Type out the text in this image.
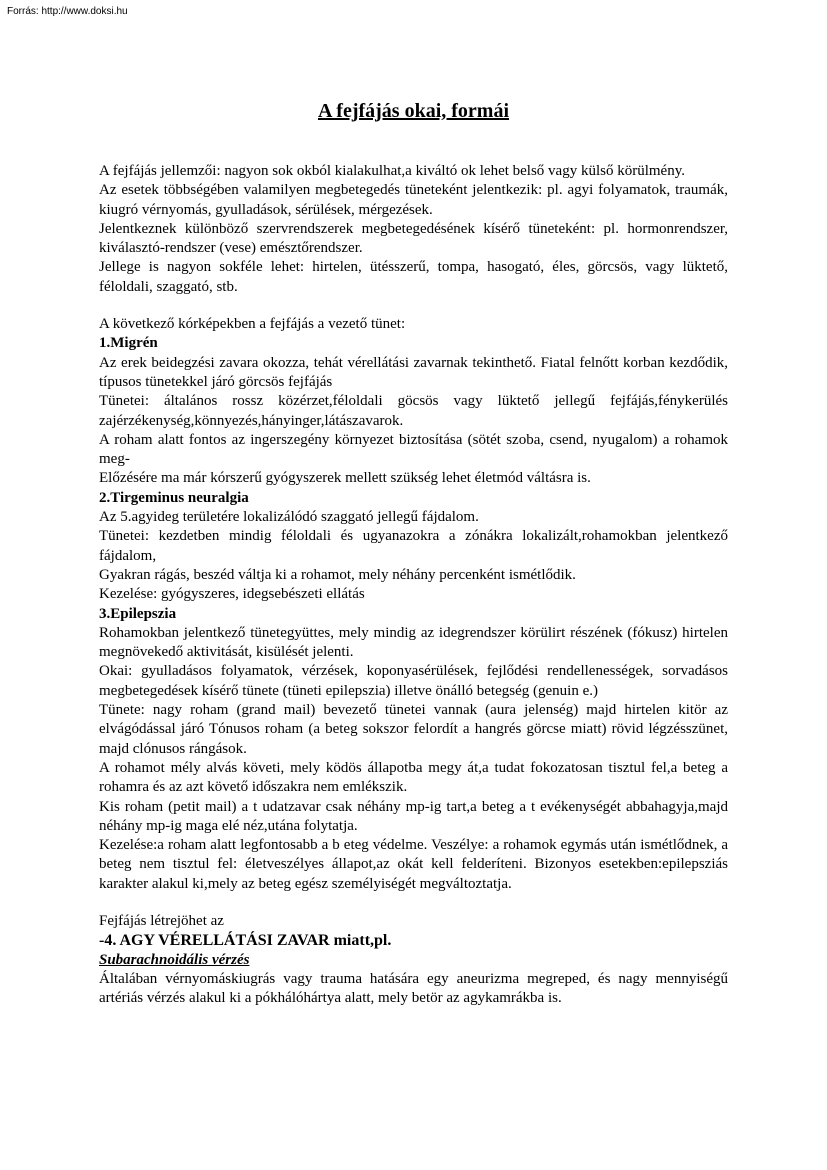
Forrás: http://www.doksi.hu
A fejfájás okai, formái

A fejfájás jellemzői: nagyon sok okból kialakulhat,a kiváltó ok lehet belső vagy külső körülmény.

Az esetek többségében valamilyen megbetegedés tüneteként jelentkezik: pl. agyi folyamatok, traumák, kiugró vérnyomás, gyulladások, sérülések, mérgezések.

Jelentkeznek különböző szervrendszerek megbetegedésének kísérő tüneteként: pl. hormonrendszer, kiválasztó-rendszer (vese) emésztőrendszer.

Jellege is nagyon sokféle lehet: hirtelen, ütésszerű, tompa, hasogató, éles, görcsös, vagy lüktető, féloldali, szaggató, stb.

A következő kórképekben a fejfájás a vezető tünet:

1.Migrén

Az erek beidegzési zavara okozza, tehát vérellátási zavarnak tekinthető. Fiatal felnőtt korban kezdődik, típusos tünetekkel járó görcsös fejfájás

Tünetei: általános rossz közérzet,féloldali göcsös vagy lüktető jellegű fejfájás,fénykerülés zajérzékenység,könnyezés,hányinger,látászavarok.

A roham alatt fontos az ingerszegény környezet biztosítása (sötét szoba, csend, nyugalom) a rohamok meg-

Előzésére ma már kórszerű gyógyszerek mellett szükség lehet életmód váltásra is.

2.Tirgeminus neuralgia

Az 5.agyideg területére lokalizálódó szaggató jellegű fájdalom.

Tünetei: kezdetben mindig féloldali és ugyanazokra a zónákra lokalizált,rohamokban jelentkező fájdalom,

Gyakran rágás, beszéd váltja ki a rohamot, mely néhány percenként ismétlődik.

Kezelése: gyógyszeres, idegsebészeti ellátás

3.Epilepszia

Rohamokban jelentkező tünetegyüttes, mely mindig az idegrendszer körülirt részének (fókusz) hirtelen megnövekedő aktivitását, kisülését jelenti.

Okai: gyulladásos folyamatok, vérzések, koponyasérülések, fejlődési rendellenességek, sorvadásos megbetegedések kísérő tünete (tüneti epilepszia) illetve önálló betegség (genuin e.)

Tünete: nagy roham (grand mail) bevezető tünetei vannak (aura jelenség) majd hirtelen kitör az elvágódással járó Tónusos roham (a beteg sokszor felordít a hangrés görcse miatt) rövid légzésszünet, majd clónusos rángások.

A rohamot mély alvás követi, mely ködös állapotba megy át,a tudat fokozatosan tisztul fel,a beteg a rohamra és az azt követő időszakra nem emlékszik.

Kis roham (petit mail) a t udatzavar csak néhány mp-ig tart,a beteg a t evékenységét abbahagyja,majd néhány mp-ig maga elé néz,utána folytatja.

Kezelése:a roham alatt legfontosabb a b eteg védelme. Veszélye: a rohamok egymás után ismétlődnek, a beteg nem tisztul fel: életveszélyes állapot,az okát kell felderíteni. Bizonyos esetekben:epilepsziás karakter alakul ki,mely az beteg egész személyiségét megváltoztatja.

Fejfájás létrejöhet az

-4. AGY VÉRELLÁTÁSI ZAVAR miatt,pl.

Subarachnoidális vérzés

Általában vérnyomáskiugrás vagy trauma hatására egy aneurizma megreped, és nagy mennyiségű artériás vérzés alakul ki a pókhálóhártya alatt, mely betör az agykamrákba is.
